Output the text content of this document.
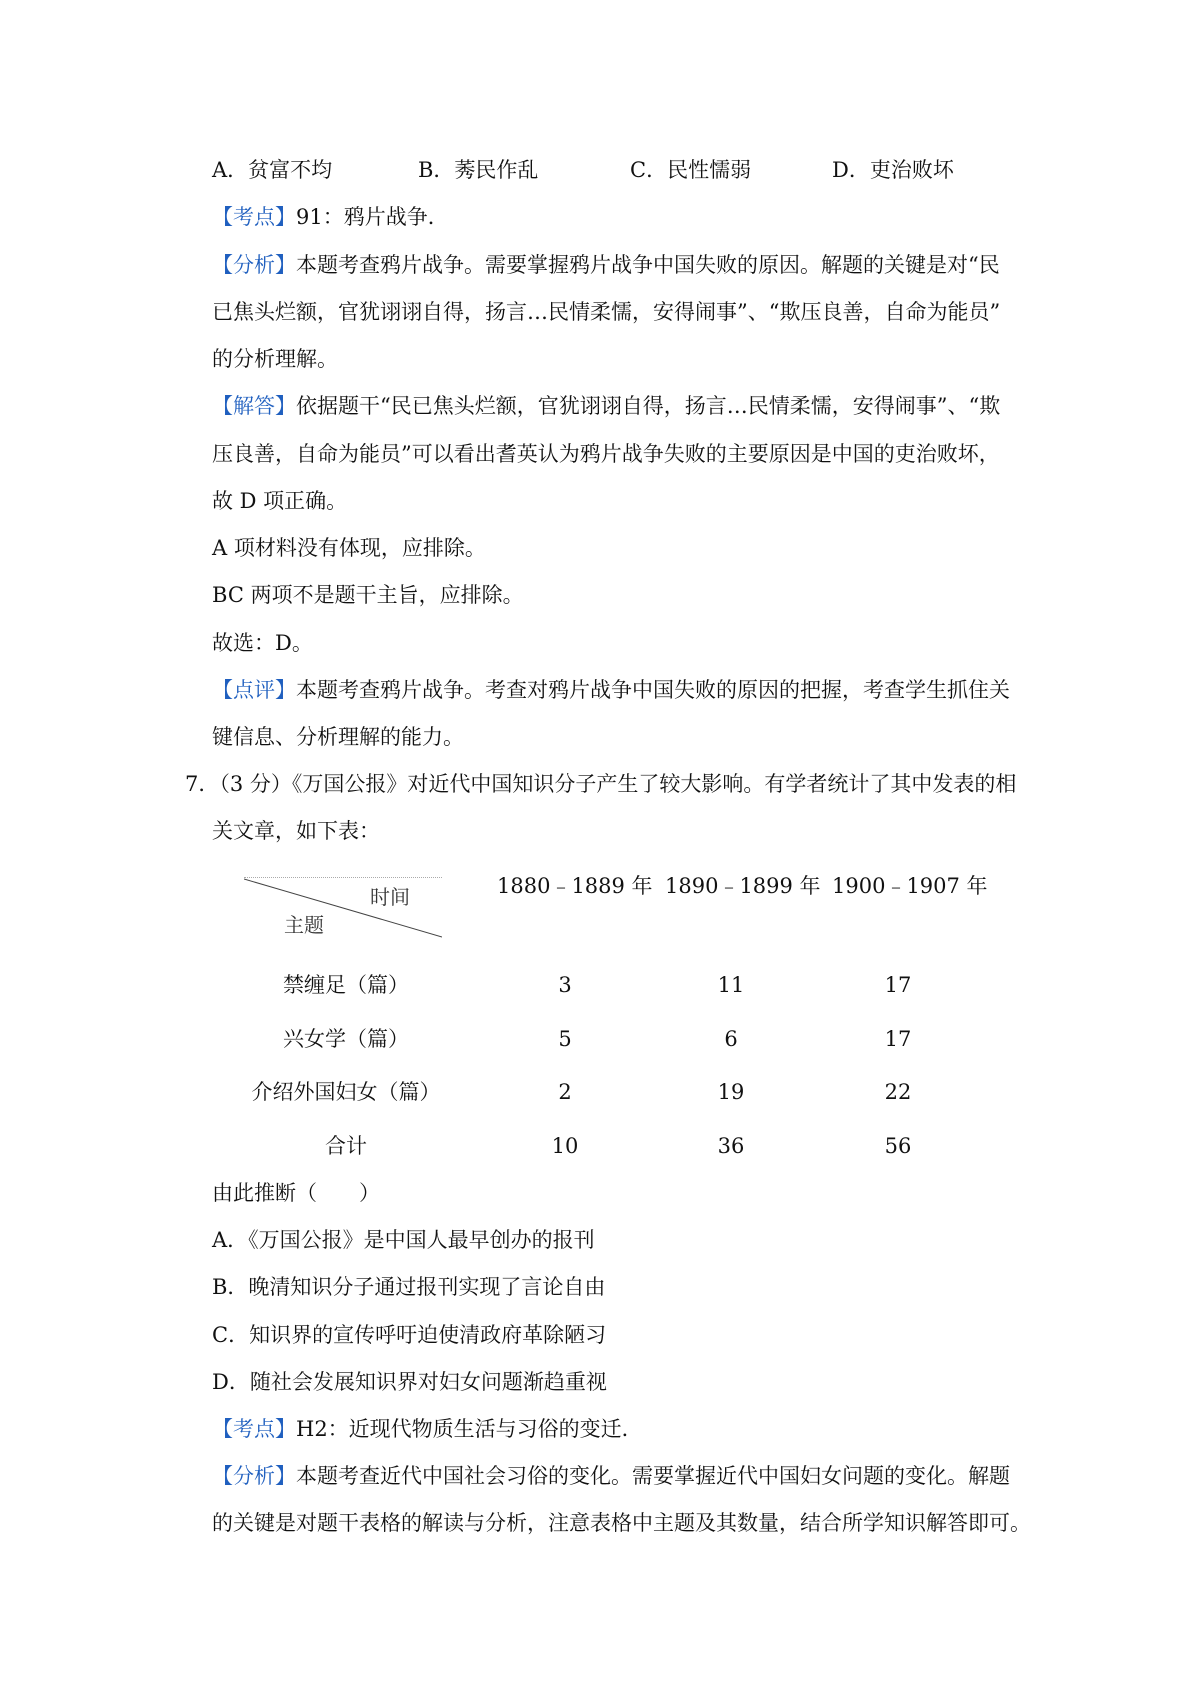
A．贫富不均	B．莠民作乱	C．民性懦弱	D．吏治败坏
【考点】91：鸦片战争．
【分析】本题考查鸦片战争。需要掌握鸦片战争中国失败的原因。解题的关键是对“民
已焦头烂额，官犹诩诩自得，扬言…民情柔懦，安得闹事”、“欺压良善，自命为能员”
的分析理解。
【解答】依据题干“民已焦头烂额，官犹诩诩自得，扬言…民情柔懦，安得闹事”、“欺
压良善，自命为能员”可以看出耆英认为鸦片战争失败的主要原因是中国的吏治败坏，
故 D 项正确。
A 项材料没有体现，应排除。
BC 两项不是题干主旨，应排除。
故选：D。
【点评】本题考查鸦片战争。考查对鸦片战争中国失败的原因的把握，考查学生抓住关
键信息、分析理解的能力。
7．（3 分）《万国公报》对近代中国知识分子产生了较大影响。有学者统计了其中发表的相
关文章，如下表：
时间
主题
1880﹣1889 年 1890﹣1899 年 1900﹣1907 年
禁缠足（篇）	3	11	17
兴女学（篇）	5	6	17
介绍外国妇女（篇）	2	19	22
合计	10	36	56
由此推断（　　）
A．《万国公报》是中国人最早创办的报刊
B．晚清知识分子通过报刊实现了言论自由
C．知识界的宣传呼吁迫使清政府革除陋习
D．随社会发展知识界对妇女问题渐趋重视
【考点】H2：近现代物质生活与习俗的变迁．
【分析】本题考查近代中国社会习俗的变化。需要掌握近代中国妇女问题的变化。解题
的关键是对题干表格的解读与分析，注意表格中主题及其数量，结合所学知识解答即可。
